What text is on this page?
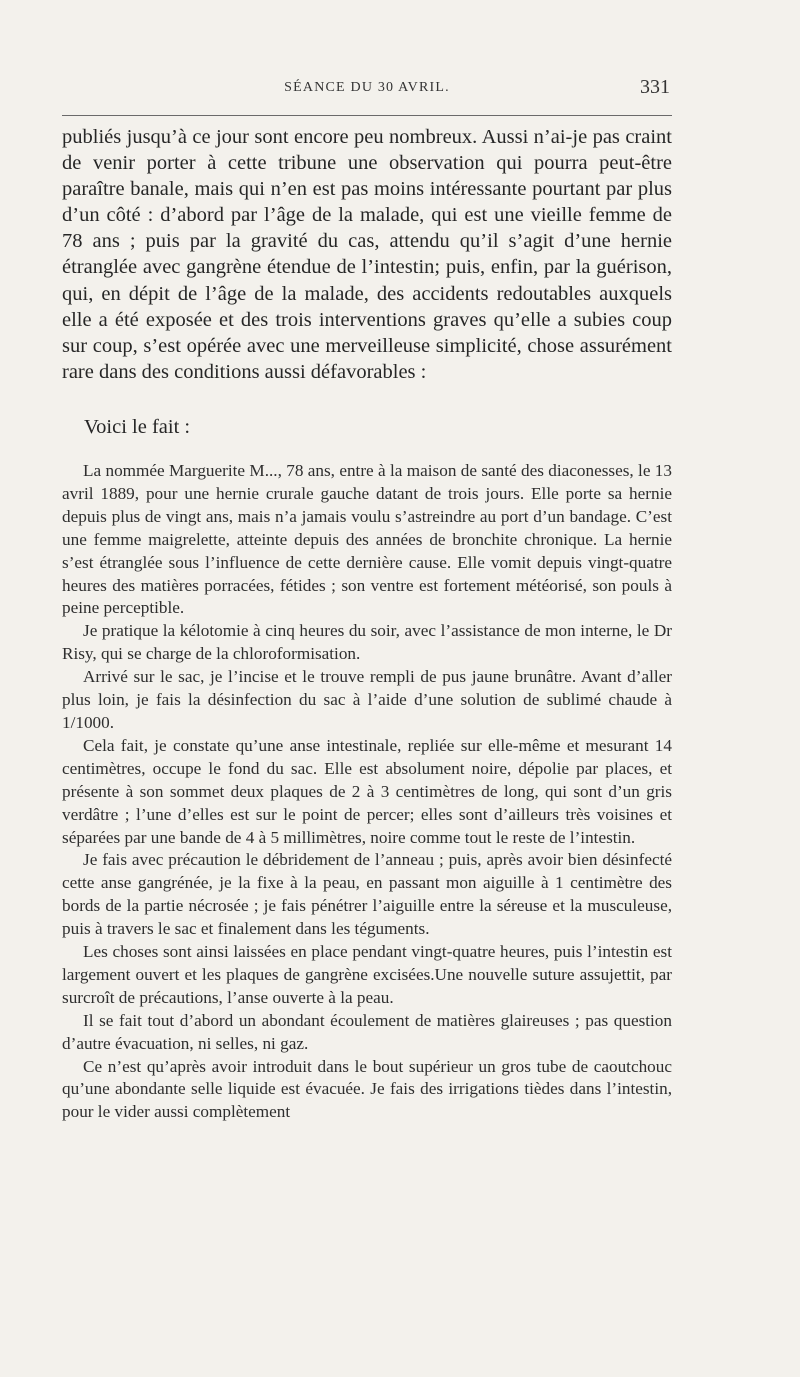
SÉANCE DU 30 AVRIL.	331

publiés jusqu’à ce jour sont encore peu nombreux. Aussi n’ai-je pas craint de venir porter à cette tribune une observation qui pourra peut-être paraître banale, mais qui n’en est pas moins intéressante pourtant par plus d’un côté : d’abord par l’âge de la malade, qui est une vieille femme de 78 ans ; puis par la gravité du cas, attendu qu’il s’agit d’une hernie étranglée avec gangrène étendue de l’intestin; puis, enfin, par la guérison, qui, en dépit de l’âge de la malade, des accidents redoutables auxquels elle a été exposée et des trois interventions graves qu’elle a subies coup sur coup, s’est opérée avec une merveilleuse simplicité, chose assurément rare dans des conditions aussi défavorables :

Voici le fait :

La nommée Marguerite M..., 78 ans, entre à la maison de santé des diaconesses, le 13 avril 1889, pour une hernie crurale gauche datant de trois jours. Elle porte sa hernie depuis plus de vingt ans, mais n’a jamais voulu s’astreindre au port d’un bandage. C’est une femme maigrelette, atteinte depuis des années de bronchite chronique. La hernie s’est étranglée sous l’influence de cette dernière cause. Elle vomit depuis vingt-quatre heures des matières porracées, fétides ; son ventre est fortement météorisé, son pouls à peine perceptible.

Je pratique la kélotomie à cinq heures du soir, avec l’assistance de mon interne, le Dr Risy, qui se charge de la chloroformisation.

Arrivé sur le sac, je l’incise et le trouve rempli de pus jaune brunâtre. Avant d’aller plus loin, je fais la désinfection du sac à l’aide d’une solution de sublimé chaude à 1/1000.

Cela fait, je constate qu’une anse intestinale, repliée sur elle-même et mesurant 14 centimètres, occupe le fond du sac. Elle est absolument noire, dépolie par places, et présente à son sommet deux plaques de 2 à 3 centimètres de long, qui sont d’un gris verdâtre ; l’une d’elles est sur le point de percer; elles sont d’ailleurs très voisines et séparées par une bande de 4 à 5 millimètres, noire comme tout le reste de l’intestin.

Je fais avec précaution le débridement de l’anneau ; puis, après avoir bien désinfecté cette anse gangrénée, je la fixe à la peau, en passant mon aiguille à 1 centimètre des bords de la partie nécrosée ; je fais pénétrer l’aiguille entre la séreuse et la musculeuse, puis à travers le sac et finalement dans les téguments.

Les choses sont ainsi laissées en place pendant vingt-quatre heures, puis l’intestin est largement ouvert et les plaques de gangrène excisées.Une nouvelle suture assujettit, par surcroît de précautions, l’anse ouverte à la peau.

Il se fait tout d’abord un abondant écoulement de matières glaireuses ; pas question d’autre évacuation, ni selles, ni gaz.

Ce n’est qu’après avoir introduit dans le bout supérieur un gros tube de caoutchouc qu’une abondante selle liquide est évacuée. Je fais des irrigations tièdes dans l’intestin, pour le vider aussi complètement
